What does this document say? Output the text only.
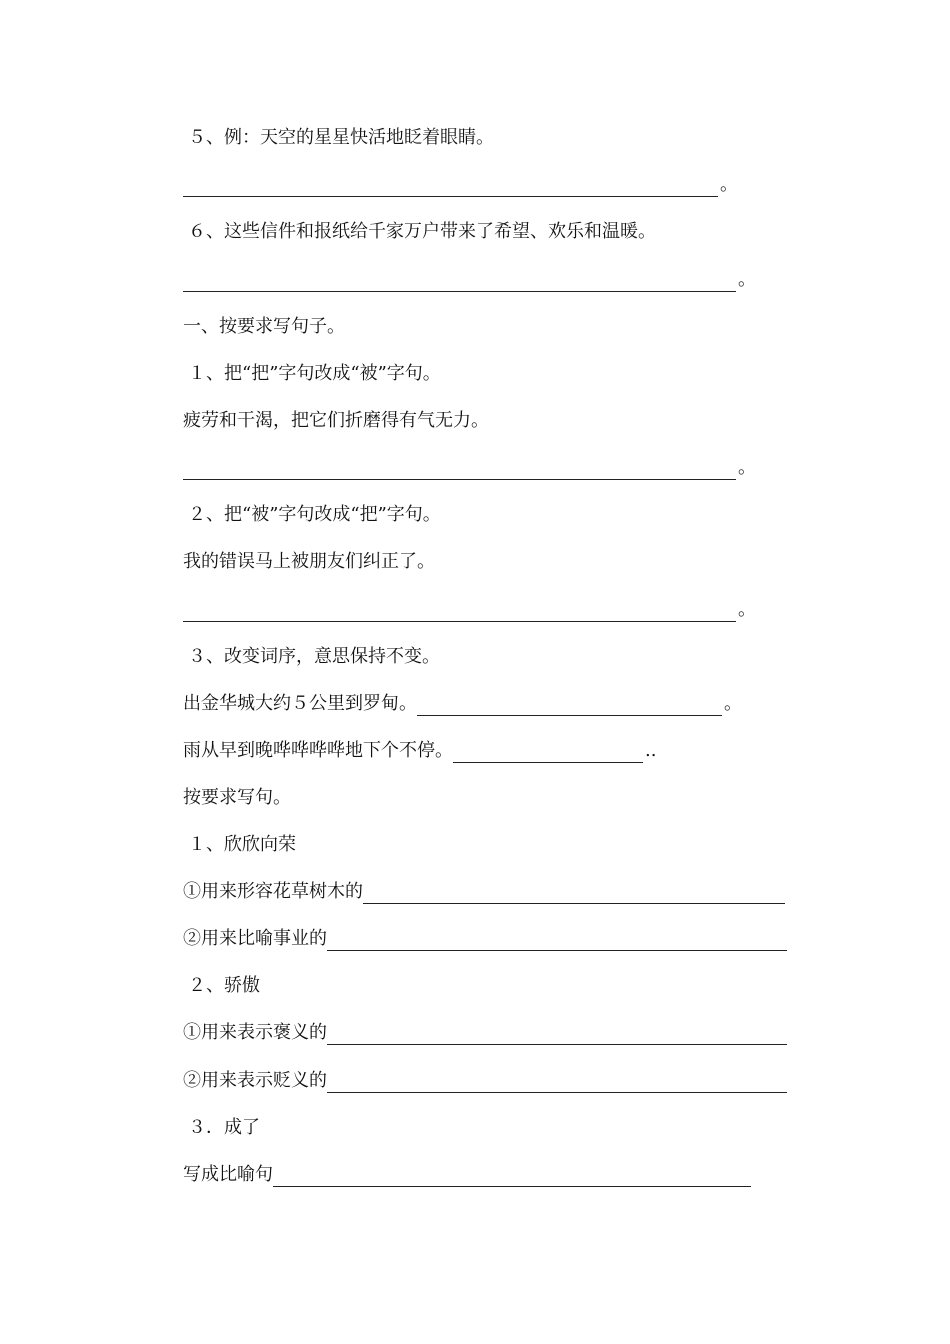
５、 例：天空的星星快活地眨着眼睛。
。
６、 这些信件和报纸给千家万户带来了希望、欢乐和温暖。
。
一、按要求写句子。
１、 把“把”字句改成“被”字句。
疲劳和干渴，把它们折磨得有气无力。
。
２、 把“被”字句改成“把”字句。
我的错误马上被朋友们纠正了。
。
３、 改变词序，意思保持不变。
出金华城大约５公里到罗甸。	。
雨从早到晚哗哗哗哗地下个不停。	..
按要求写句。
１、 欣欣向荣
①用来形容花草树木的
②用来比喻事业的
２、 骄傲
①用来表示褒义的
②用来表示贬义的
３． 成了
写成比喻句
